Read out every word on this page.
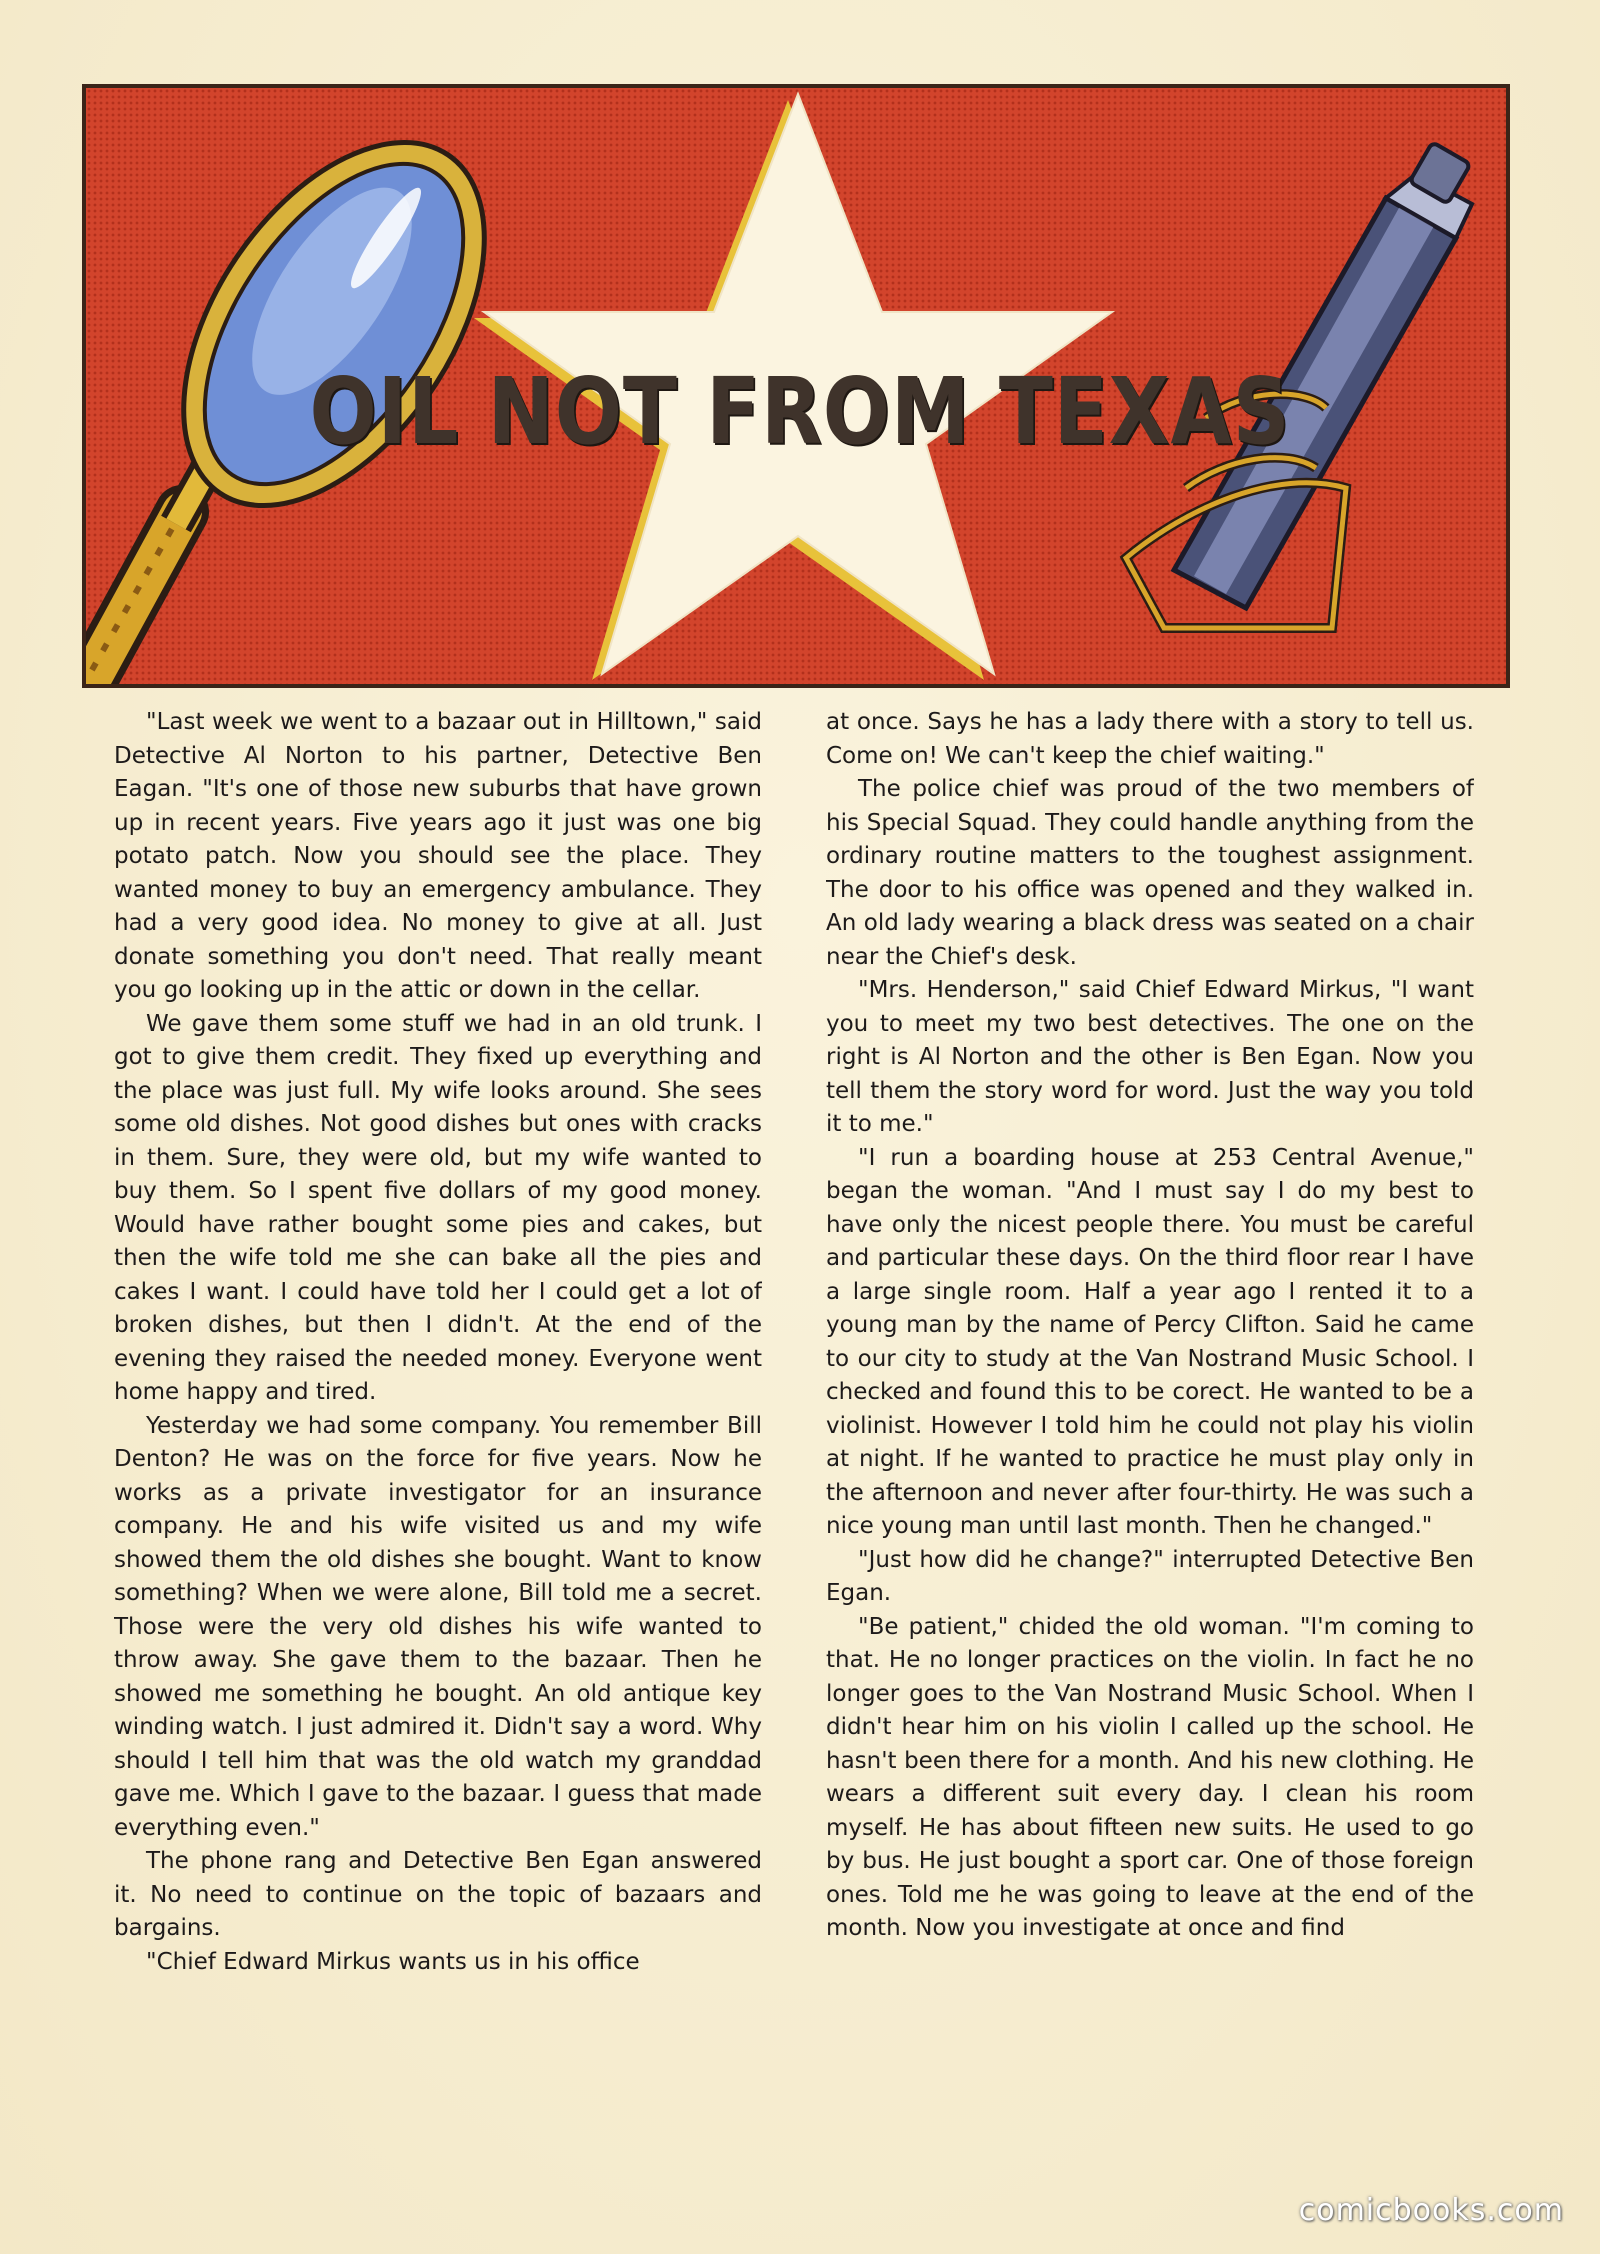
OIL NOT FROM TEXAS

"Last week we went to a bazaar out in Hilltown," said Detective Al Norton to his partner, Detective Ben Eagan. "It's one of those new suburbs that have grown up in recent years. Five years ago it just was one big potato patch. Now you should see the place. They wanted money to buy an emergency ambulance. They had a very good idea. No money to give at all. Just donate something you don't need. That really meant you go looking up in the attic or down in the cellar.

We gave them some stuff we had in an old trunk. I got to give them credit. They fixed up everything and the place was just full. My wife looks around. She sees some old dishes. Not good dishes but ones with cracks in them. Sure, they were old, but my wife wanted to buy them. So I spent five dollars of my good money. Would have rather bought some pies and cakes, but then the wife told me she can bake all the pies and cakes I want. I could have told her I could get a lot of broken dishes, but then I didn't. At the end of the evening they raised the needed money. Everyone went home happy and tired.

Yesterday we had some company. You remember Bill Denton? He was on the force for five years. Now he works as a private investigator for an insurance company. He and his wife visited us and my wife showed them the old dishes she bought. Want to know something? When we were alone, Bill told me a secret. Those were the very old dishes his wife wanted to throw away. She gave them to the bazaar. Then he showed me something he bought. An old antique key winding watch. I just admired it. Didn't say a word. Why should I tell him that was the old watch my granddad gave me. Which I gave to the bazaar. I guess that made everything even."

The phone rang and Detective Ben Egan answered it. No need to continue on the topic of bazaars and bargains.

"Chief Edward Mirkus wants us in his office

at once. Says he has a lady there with a story to tell us. Come on! We can't keep the chief waiting."

The police chief was proud of the two members of his Special Squad. They could handle anything from the ordinary routine matters to the toughest assignment. The door to his office was opened and they walked in. An old lady wearing a black dress was seated on a chair near the Chief's desk.

"Mrs. Henderson," said Chief Edward Mirkus, "I want you to meet my two best detectives. The one on the right is Al Norton and the other is Ben Egan. Now you tell them the story word for word. Just the way you told it to me."

"I run a boarding house at 253 Central Avenue," began the woman. "And I must say I do my best to have only the nicest people there. You must be careful and particular these days. On the third floor rear I have a large single room. Half a year ago I rented it to a young man by the name of Percy Clifton. Said he came to our city to study at the Van Nostrand Music School. I checked and found this to be corect. He wanted to be a violinist. However I told him he could not play his violin at night. If he wanted to practice he must play only in the afternoon and never after four-thirty. He was such a nice young man until last month. Then he changed."

"Just how did he change?" interrupted Detective Ben Egan.

"Be patient," chided the old woman. "I'm coming to that. He no longer practices on the violin. In fact he no longer goes to the Van Nostrand Music School. When I didn't hear him on his violin I called up the school. He hasn't been there for a month. And his new clothing. He wears a different suit every day. I clean his room myself. He has about fifteen new suits. He used to go by bus. He just bought a sport car. One of those foreign ones. Told me he was going to leave at the end of the month. Now you investigate at once and find

comicbooks.com
